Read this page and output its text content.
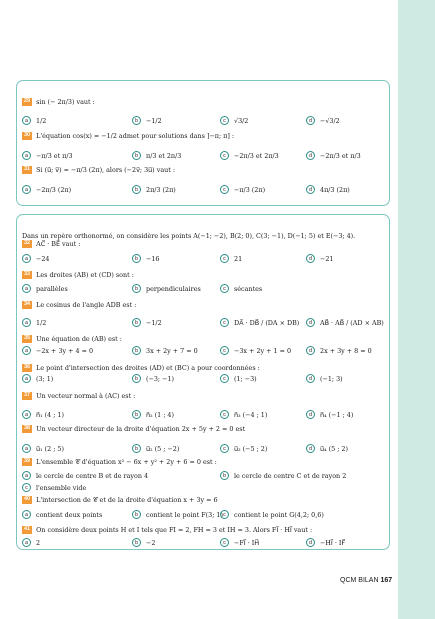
Dans un repère orthonormé, on considère les points A(−1; −2), B(2; 0), C(3; −1), D(−1; 5) et E(−3; 4).
29 sin (− 2π/3) vaut :
a	1/2	b	−1/2	c	√3/2	d	−√3/2
30 L'équation cos(x) = −1/2 admet pour solutions dans ]−π; π] :
a	−π/3 et π/3	b	π/3 et 2π/3	c	−2π/3 et 2π/3	d	−2π/3 et π/3
31 Si (u⃗; v⃗) = −π/3 (2π), alors (−2v⃗; 3u⃗) vaut :
a	−2π/3 (2π)	b	2π/3 (2π)	c	−π/3 (2π)	d	4π/3 (2π)
32 AC⃗ · BE⃗ vaut :
a	−24	b	−16	c	21	d	−21
33 Les droites (AB) et (CD) sont :
a	parallèles	b	perpendiculaires	c	sécantes
34 Le cosinus de l'angle ADB est :
a	1/2	b	−1/2	c	DA⃗ · DB⃗ / (DA × DB)	d	AB⃗ · AB⃗ / (AD × AB)
35 Une équation de (AB) est :
a	−2x + 3y + 4 = 0	b	3x + 2y + 7 = 0	c	−3x + 2y + 1 = 0	d	2x + 3y + 8 = 0
36 Le point d'intersection des droites (AD) et (BC) a pour coordonnées :
a	(3; 1)	b	(−3; −1)	c	(1; −3)	d	(−1; 3)
37 Un vecteur normal à (AC) est :
a	n⃗₁ (4 ; 1)	b	n⃗₂ (1 ; 4)	c	n⃗₃ (−4 ; 1)	d	n⃗₄ (−1 ; 4)
38 Un vecteur directeur de la droite d'équation 2x + 5y + 2 = 0 est
a	u⃗₁ (2 ; 5)	b	u⃗₂ (5 ; −2)	c	u⃗₃ (−5 ; 2)	d	u⃗₄ (5 ; 2)
39 L'ensemble 𝒞 d'équation x² − 6x + y² + 2y + 6 = 0 est :
a	le cercle de centre B et de rayon 4	b	le cercle de centre C et de rayon 2
c	l'ensemble vide
40 L'intersection de 𝒞 et de la droite d'équation x + 3y = 6
a	contient deux points	b	contient le point F(3; 1) c	contient le point G(4,2; 0,6)
41 On considère deux points H et I tels que FI = 2, FH = 3 et IH = 3. Alors FI⃗ · HI⃗ vaut :
a	2	b	−2	c	−FI⃗ · IH⃗	d	−HI⃗ · IF⃗
QCM BILAN 167
